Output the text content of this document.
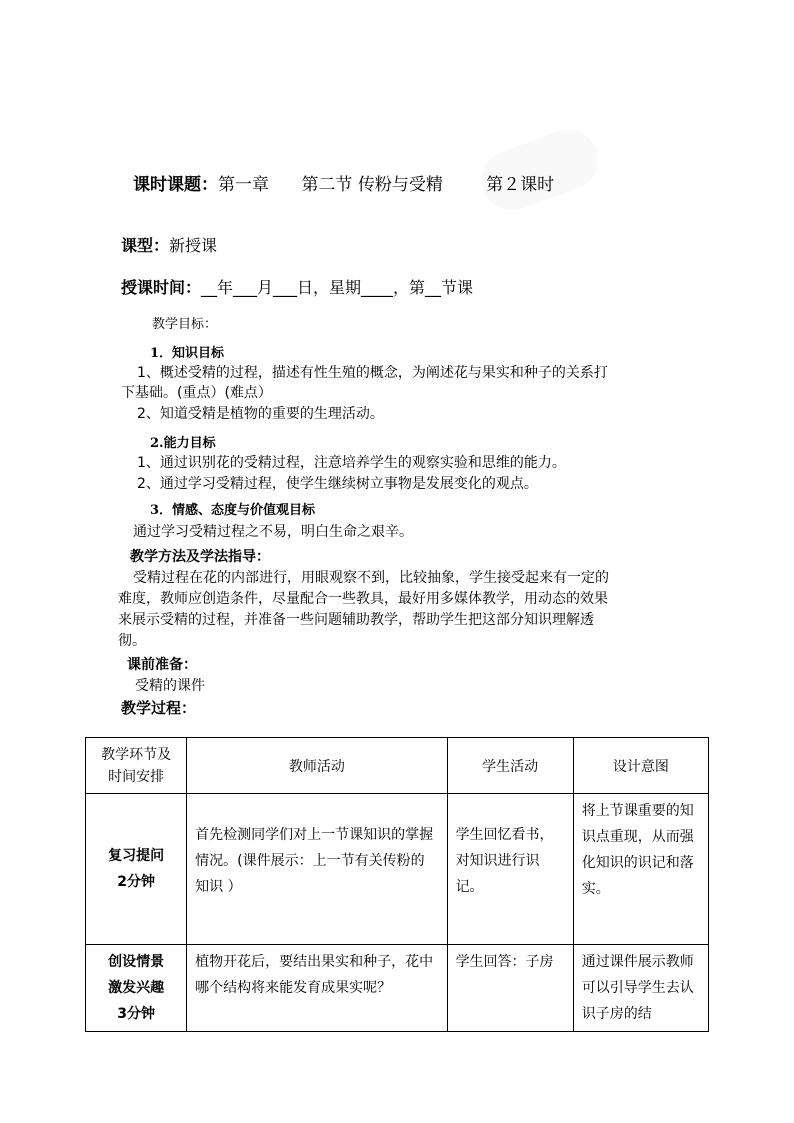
课时课题：第一章 第二节 传粉与受精	第２课时
课型：新授课
授课时间：__年___月___日，星期____，第__节课
教学目标：
1．知识目标
1、概述受精的过程，描述有性生殖的概念，为阐述花与果实和种子的关系打
下基础。(重点）(难点）
2、知道受精是植物的重要的生理活动。
2.能力目标
1、通过识别花的受精过程，注意培养学生的观察实验和思维的能力。
2、通过学习受精过程，使学生继续树立事物是发展变化的观点。
3．情感、态度与价值观目标
通过学习受精过程之不易，明白生命之艰辛。
教学方法及学法指导：
受精过程在花的内部进行，用眼观察不到，比较抽象，学生接受起来有一定的
难度，教师应创造条件，尽量配合一些教具，最好用多媒体教学，用动态的效果
来展示受精的过程，并准备一些问题辅助教学，帮助学生把这部分知识理解透
彻。
课前准备：
受精的课件
教学过程：
教学环节及
时间安排	教师活动	学生活动	设计意图

复习提问
2分钟	首先检测同学们对上一节课知识的掌握情况。(课件展示：上一节有关传粉的知识 ）	学生回忆看书，对知识进行识记。	将上节课重要的知识点重现，从而强化知识的识记和落实。

创设情景
激发兴趣
3分钟	植物开花后，要结出果实和种子，花中哪个结构将来能发育成果实呢？	学生回答：子房	通过课件展示教师可以引导学生去认识子房的结
